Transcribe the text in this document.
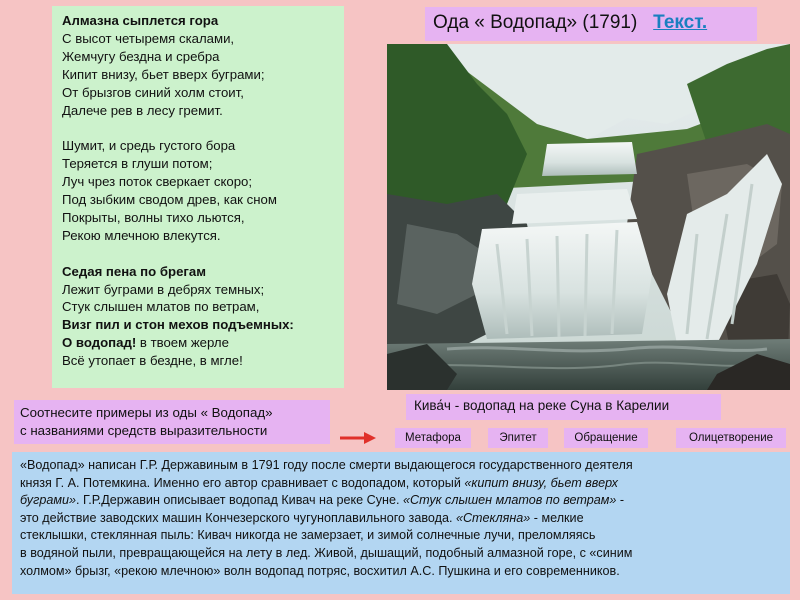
Алмазна сыплется гора
С высот четыремя скалами,
Жемчугу бездна и сребра
Кипит внизу, бьет вверх буграми;
От брызгов синий холм стоит,
Далече рев в лесу гремит.
Шумит, и средь густого бора
Теряется в глуши потом;
Луч чрез поток сверкает скоро;
Под зыбким сводом древ, как сном
Покрыты, волны тихо льются,
Рекою млечною влекутся.
Седая пена по брегам
Лежит буграми в дебрях темных;
Стук слышен млатов по ветрам,
Визг пил и стон мехов подъемных:
О водопад! в твоем жерле
Всё утопает в бездне, в мгле!
Ода « Водопад» (1791) Текст.
Кива́ч - водопад на реке Суна в Карелии
Соотнесите примеры из оды « Водопад»
с названиями средств выразительности	Метафора	Эпитет	Обращение	Олицетворение
«Водопад» написан Г.Р. Державиным в 1791 году после смерти выдающегося государственного деятеля
князя Г. А. Потемкина. Именно его автор сравнивает с водопадом, который «кипит внизу, бьет вверх
буграми». Г.Р.Державин описывает водопад Кивач на реке Суне. «Стук слышен млатов по ветрам» -
это действие заводских машин Кончезерского чугуноплавильного завода. «Стекляна» - мелкие
стеклышки, стеклянная пыль: Кивач никогда не замерзает, и зимой солнечные лучи, преломляясь
в водяной пыли, превращающейся на лету в лед. Живой, дышащий, подобный алмазной горе, с «синим
холмом» брызг, «рекою млечною» волн водопад потряс, восхитил А.С. Пушкина и его современников.
